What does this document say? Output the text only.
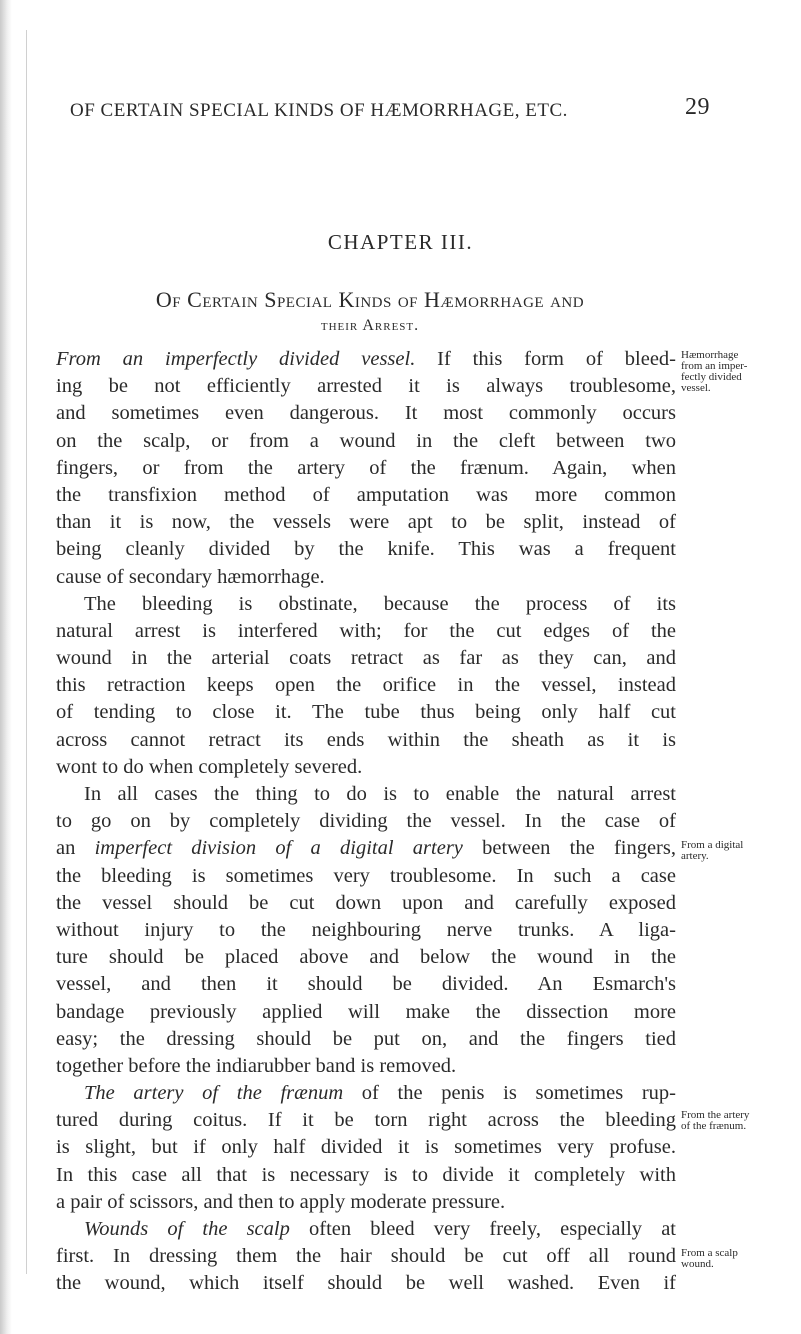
OF CERTAIN SPECIAL KINDS OF HÆMORRHAGE, ETC.	29
CHAPTER III.
Of Certain Special Kinds of Hæmorrhage and
their Arrest.
From an imperfectly divided vessel. If this form of bleed-
ing be not efficiently arrested it is always troublesome,
and sometimes even dangerous. It most commonly occurs
on the scalp, or from a wound in the cleft between two
fingers, or from the artery of the frænum. Again, when
the transfixion method of amputation was more common
than it is now, the vessels were apt to be split, instead of
being cleanly divided by the knife. This was a frequent
cause of secondary hæmorrhage.
The bleeding is obstinate, because the process of its
natural arrest is interfered with; for the cut edges of the
wound in the arterial coats retract as far as they can, and
this retraction keeps open the orifice in the vessel, instead
of tending to close it. The tube thus being only half cut
across cannot retract its ends within the sheath as it is
wont to do when completely severed.
In all cases the thing to do is to enable the natural arrest
to go on by completely dividing the vessel. In the case of
an imperfect division of a digital artery between the fingers,
the bleeding is sometimes very troublesome. In such a case
the vessel should be cut down upon and carefully exposed
without injury to the neighbouring nerve trunks. A liga-
ture should be placed above and below the wound in the
vessel, and then it should be divided. An Esmarch's
bandage previously applied will make the dissection more
easy; the dressing should be put on, and the fingers tied
together before the indiarubber band is removed.
The artery of the frænum of the penis is sometimes rup-
tured during coitus. If it be torn right across the bleeding
is slight, but if only half divided it is sometimes very profuse.
In this case all that is necessary is to divide it completely with
a pair of scissors, and then to apply moderate pressure.
Wounds of the scalp often bleed very freely, especially at
first. In dressing them the hair should be cut off all round
the wound, which itself should be well washed. Even if
Hæmorrhage
from an imper-
fectly divided
vessel.
From a digital
artery.
From the artery
of the frænum.
From a scalp
wound.
